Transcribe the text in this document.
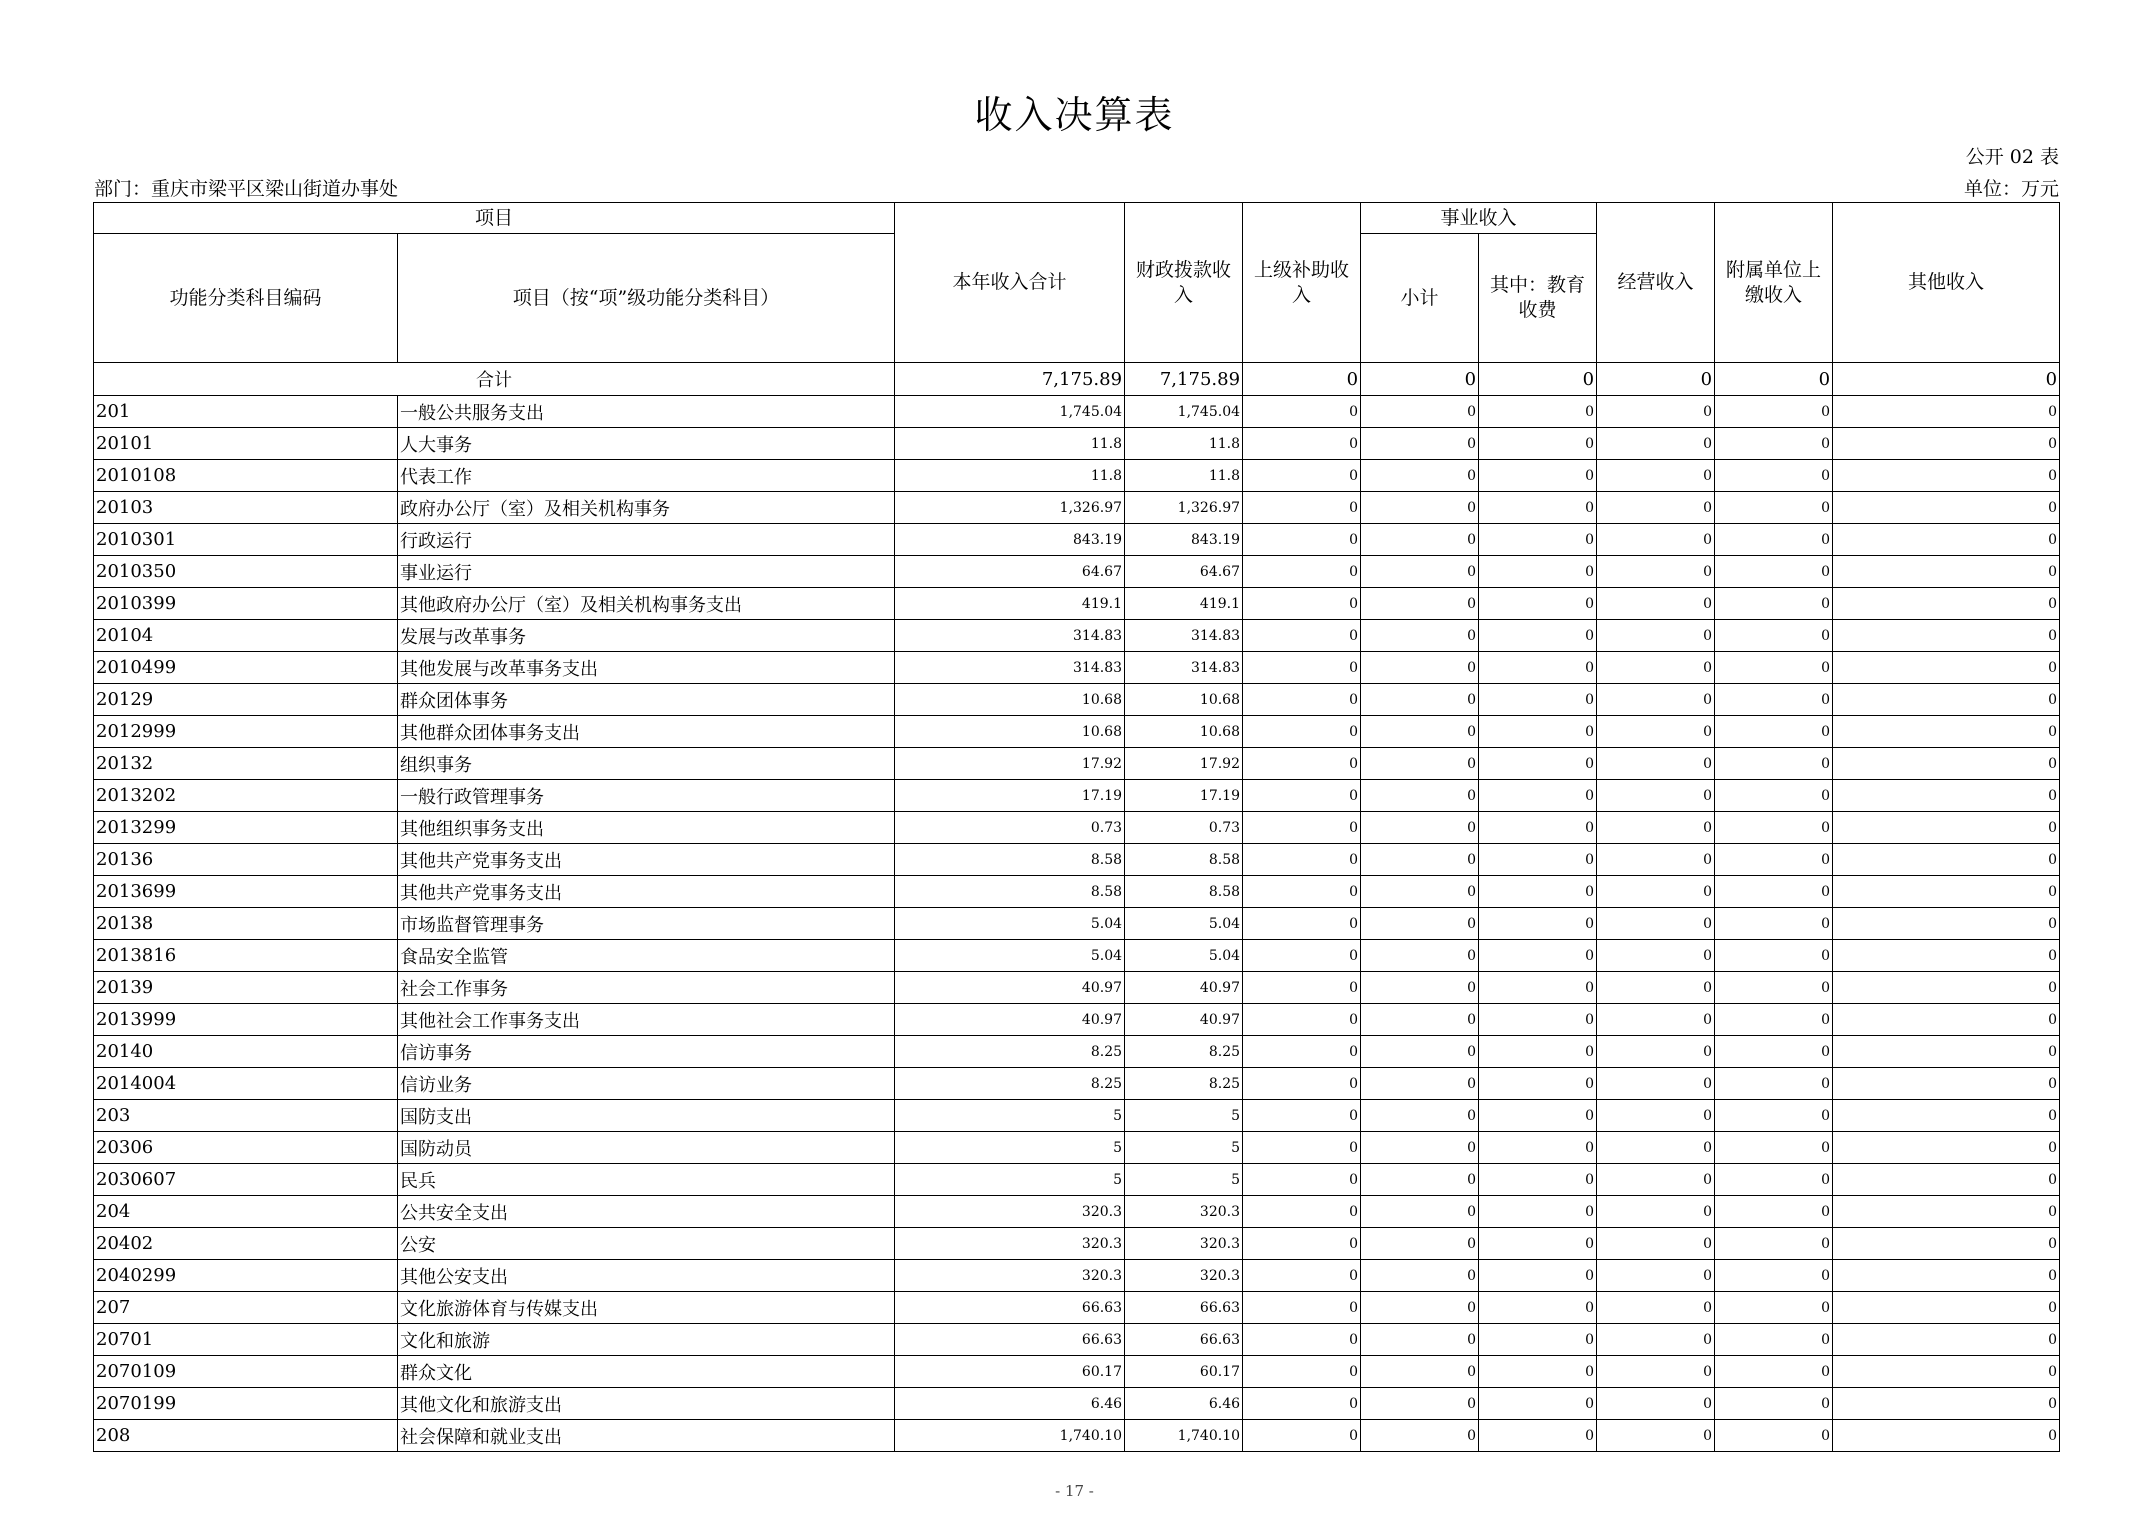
收入决算表
公开 02 表
部门：重庆市梁平区梁山街道办事处	单位：万元
项目		本年收入合计	财政拨款收入	上级补助收入	事业收入		经营收入	附属单位上缴收入	其他收入
功能分类科目编码	项目（按“项”级功能分类科目）				小计	其中：教育收费			
合计		7,175.89	7,175.89	0	0	0	0	0	0
201	一般公共服务支出	1,745.04	1,745.04	0	0	0	0	0	0
20101	人大事务	11.8	11.8	0	0	0	0	0	0
2010108	代表工作	11.8	11.8	0	0	0	0	0	0
20103	政府办公厅（室）及相关机构事务	1,326.97	1,326.97	0	0	0	0	0	0
2010301	行政运行	843.19	843.19	0	0	0	0	0	0
2010350	事业运行	64.67	64.67	0	0	0	0	0	0
2010399	其他政府办公厅（室）及相关机构事务支出	419.1	419.1	0	0	0	0	0	0
20104	发展与改革事务	314.83	314.83	0	0	0	0	0	0
2010499	其他发展与改革事务支出	314.83	314.83	0	0	0	0	0	0
20129	群众团体事务	10.68	10.68	0	0	0	0	0	0
2012999	其他群众团体事务支出	10.68	10.68	0	0	0	0	0	0
20132	组织事务	17.92	17.92	0	0	0	0	0	0
2013202	一般行政管理事务	17.19	17.19	0	0	0	0	0	0
2013299	其他组织事务支出	0.73	0.73	0	0	0	0	0	0
20136	其他共产党事务支出	8.58	8.58	0	0	0	0	0	0
2013699	其他共产党事务支出	8.58	8.58	0	0	0	0	0	0
20138	市场监督管理事务	5.04	5.04	0	0	0	0	0	0
2013816	食品安全监管	5.04	5.04	0	0	0	0	0	0
20139	社会工作事务	40.97	40.97	0	0	0	0	0	0
2013999	其他社会工作事务支出	40.97	40.97	0	0	0	0	0	0
20140	信访事务	8.25	8.25	0	0	0	0	0	0
2014004	信访业务	8.25	8.25	0	0	0	0	0	0
203	国防支出	5	5	0	0	0	0	0	0
20306	国防动员	5	5	0	0	0	0	0	0
2030607	民兵	5	5	0	0	0	0	0	0
204	公共安全支出	320.3	320.3	0	0	0	0	0	0
20402	公安	320.3	320.3	0	0	0	0	0	0
2040299	其他公安支出	320.3	320.3	0	0	0	0	0	0
207	文化旅游体育与传媒支出	66.63	66.63	0	0	0	0	0	0
20701	文化和旅游	66.63	66.63	0	0	0	0	0	0
2070109	群众文化	60.17	60.17	0	0	0	0	0	0
2070199	其他文化和旅游支出	6.46	6.46	0	0	0	0	0	0
208	社会保障和就业支出	1,740.10	1,740.10	0	0	0	0	0	0
- 17 -
